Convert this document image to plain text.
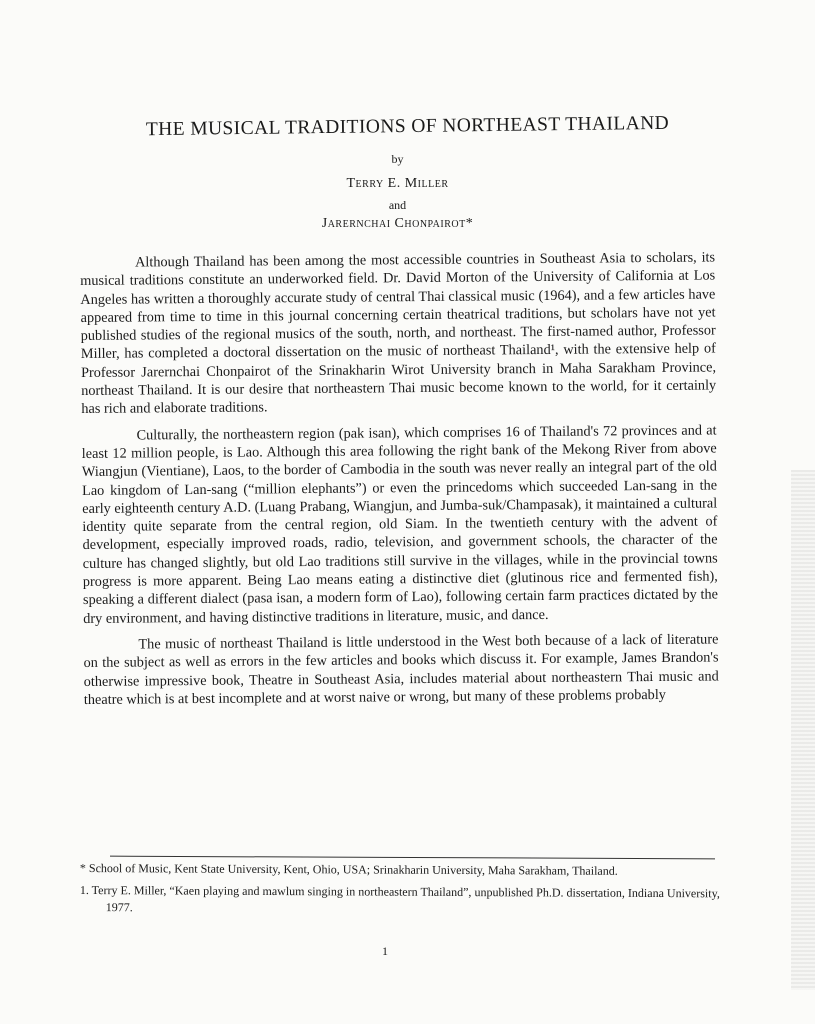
THE MUSICAL TRADITIONS OF NORTHEAST THAILAND
by
Terry E. Miller
and
Jarernchai Chonpairot*

Although Thailand has been among the most accessible countries in Southeast Asia to scholars, its musical traditions constitute an underworked field. Dr. David Morton of the University of California at Los Angeles has written a thoroughly accurate study of central Thai classical music (1964), and a few articles have appeared from time to time in this journal concerning certain theatrical traditions, but scholars have not yet published studies of the regional musics of the south, north, and northeast. The first-named author, Professor Miller, has completed a doctoral dissertation on the music of northeast Thailand¹, with the extensive help of Professor Jarernchai Chonpairot of the Srinakharin Wirot University branch in Maha Sarakham Province, northeast Thailand. It is our desire that northeastern Thai music become known to the world, for it certainly has rich and elaborate traditions.

Culturally, the northeastern region (pak isan), which comprises 16 of Thailand's 72 provinces and at least 12 million people, is Lao. Although this area following the right bank of the Mekong River from above Wiangjun (Vientiane), Laos, to the border of Cambodia in the south was never really an integral part of the old Lao kingdom of Lan-sang (“million elephants”) or even the princedoms which succeeded Lan-sang in the early eighteenth century A.D. (Luang Prabang, Wiangjun, and Jumba-suk/Champasak), it maintained a cultural identity quite separate from the central region, old Siam. In the twentieth century with the advent of development, especially improved roads, radio, television, and government schools, the character of the culture has changed slightly, but old Lao traditions still survive in the villages, while in the provincial towns progress is more apparent. Being Lao means eating a distinctive diet (glutinous rice and fermented fish), speaking a different dialect (pasa isan, a modern form of Lao), following certain farm practices dictated by the dry environment, and having distinctive traditions in literature, music, and dance.

The music of northeast Thailand is little understood in the West both because of a lack of literature on the subject as well as errors in the few articles and books which discuss it. For example, James Brandon's otherwise impressive book, Theatre in Southeast Asia, includes material about northeastern Thai music and theatre which is at best incomplete and at worst naive or wrong, but many of these problems probably

* School of Music, Kent State University, Kent, Ohio, USA; Srinakharin University, Maha Sarakham, Thailand.

1. Terry E. Miller, “Kaen playing and mawlum singing in northeastern Thailand”, unpublished Ph.D. dissertation, Indiana University, 1977.

1
